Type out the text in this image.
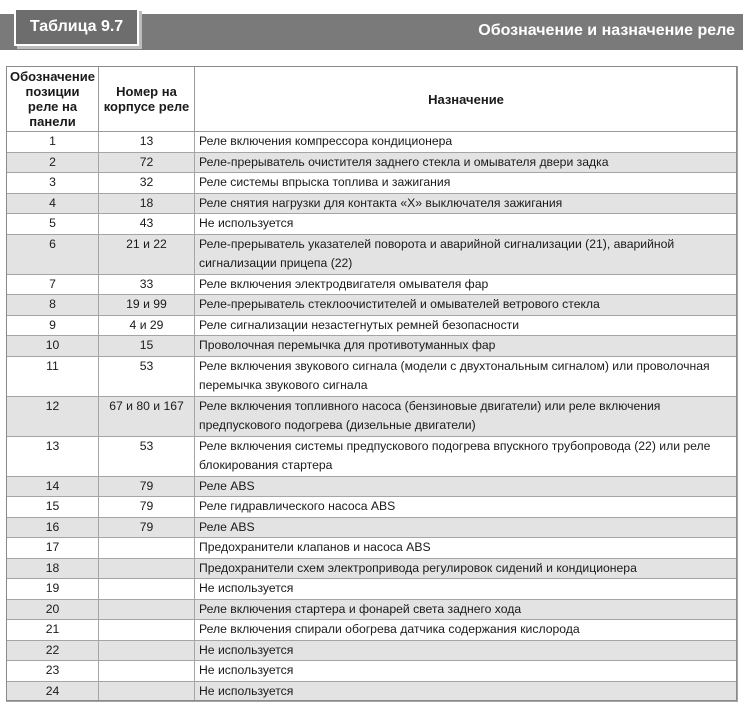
Таблица 9.7	Обозначение и назначение реле
Обозначение позиции реле на панели	Номер на корпусе реле	Назначение
1	13	Реле включения компрессора кондиционера
2	72	Реле-прерыватель очистителя заднего стекла и омывателя двери задка
3	32	Реле системы впрыска топлива и зажигания
4	18	Реле снятия нагрузки для контакта «Х» выключателя зажигания
5	43	Не используется
6	21 и 22	Реле-прерыватель указателей поворота и аварийной сигнализации (21), аварийной сигнализации прицепа (22)
7	33	Реле включения электродвигателя омывателя фар
8	19 и 99	Реле-прерыватель стеклоочистителей и омывателей ветрового стекла
9	4 и 29	Реле сигнализации незастегнутых ремней безопасности
10	15	Проволочная перемычка для противотуманных фар
11	53	Реле включения звукового сигнала (модели с двухтональным сигналом) или проволочная перемычка звукового сигнала
12	67 и 80 и 167	Реле включения топливного насоса (бензиновые двигатели) или реле включения предпускового подогрева (дизельные двигатели)
13	53	Реле включения системы предпускового подогрева впускного трубопровода (22) или реле блокирования стартера
14	79	Реле ABS
15	79	Реле гидравлического насоса ABS
16	79	Реле ABS
17		Предохранители клапанов и насоса ABS
18		Предохранители схем электропривода регулировок сидений и кондиционера
19		Не используется
20		Реле включения стартера и фонарей света заднего хода
21		Реле включения спирали обогрева датчика содержания кислорода
22		Не используется
23		Не используется
24		Не используется
